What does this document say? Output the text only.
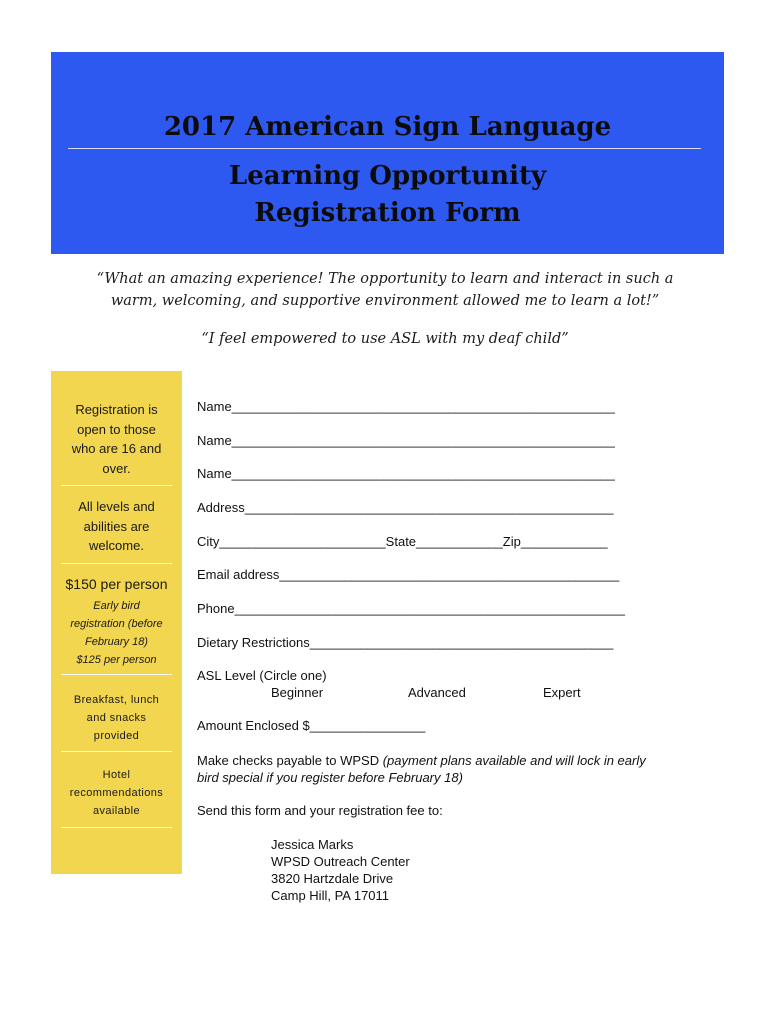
2017 American Sign Language
Learning Opportunity
Registration Form
“What an amazing experience! The opportunity to learn and interact in such a
warm, welcoming, and supportive environment allowed me to learn a lot!”
“I feel empowered to use ASL with my deaf child”
Registration is
open to those
who are 16 and
over.
All levels and
abilities are
welcome.
$150 per person
Early bird
registration (before
February 18)
$125 per person
Breakfast, lunch
and snacks
provided
Hotel
recommendations
available
Name_____________________________________________________
Name_____________________________________________________
Name_____________________________________________________
Address___________________________________________________
City_______________________State____________Zip____________
Email address_______________________________________________
Phone______________________________________________________
Dietary Restrictions__________________________________________
ASL Level (Circle one)
Beginner	Advanced	Expert
Amount Enclosed $________________
Make checks payable to WPSD (payment plans available and will lock in early
bird special if you register before February 18)
Send this form and your registration fee to:
Jessica Marks
WPSD Outreach Center
3820 Hartzdale Drive
Camp Hill, PA 17011
